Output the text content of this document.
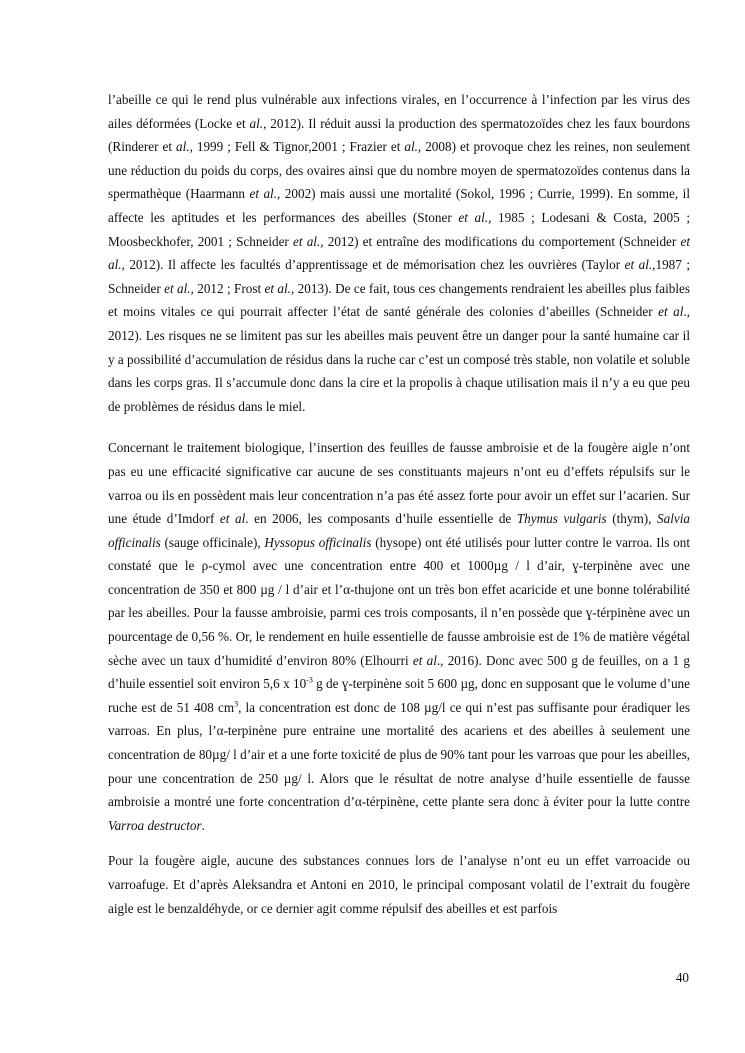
l’abeille ce qui le rend plus vulnérable aux infections virales, en l’occurrence à l’infection par les virus des ailes déformées (Locke et al., 2012). Il réduit aussi la production des spermatozoïdes chez les faux bourdons (Rinderer et al., 1999 ; Fell & Tignor,2001 ; Frazier et al., 2008) et provoque chez les reines, non seulement une réduction du poids du corps, des ovaires ainsi que du nombre moyen de spermatozoïdes contenus dans la spermathèque (Haarmann et al., 2002) mais aussi une mortalité (Sokol, 1996 ; Currie, 1999). En somme, il affecte les aptitudes et les performances des abeilles (Stoner et al., 1985 ; Lodesani & Costa, 2005 ; Moosbeckhofer, 2001 ; Schneider et al., 2012) et entraîne des modifications du comportement (Schneider et al., 2012). Il affecte les facultés d’apprentissage et de mémorisation chez les ouvrières (Taylor et al.,1987 ; Schneider et al., 2012 ; Frost et al., 2013). De ce fait, tous ces changements rendraient les abeilles plus faibles et moins vitales ce qui pourrait affecter l’état de santé générale des colonies d’abeilles (Schneider et al., 2012). Les risques ne se limitent pas sur les abeilles mais peuvent être un danger pour la santé humaine car il y a possibilité d’accumulation de résidus dans la ruche car c’est un composé très stable, non volatile et soluble dans les corps gras. Il s’accumule donc dans la cire et la propolis à chaque utilisation mais il n’y a eu que peu de problèmes de résidus dans le miel.

Concernant le traitement biologique, l’insertion des feuilles de fausse ambroisie et de la fougère aigle n’ont pas eu une efficacité significative car aucune de ses constituants majeurs n’ont eu d’effets répulsifs sur le varroa ou ils en possèdent mais leur concentration n’a pas été assez forte pour avoir un effet sur l’acarien. Sur une étude d’Imdorf et al. en 2006, les composants d’huile essentielle de Thymus vulgaris (thym), Salvia officinalis (sauge officinale), Hyssopus officinalis (hysope) ont été utilisés pour lutter contre le varroa. Ils ont constaté que le ρ-cymol avec une concentration entre 400 et 1000µg / l d’air, ɣ-terpinène avec une concentration de 350 et 800 µg / l d’air et l’α-thujone ont un très bon effet acaricide et une bonne tolérabilité par les abeilles. Pour la fausse ambroisie, parmi ces trois composants, il n’en possède que ɣ-térpinène avec un pourcentage de 0,56 %. Or, le rendement en huile essentielle de fausse ambroisie est de 1% de matière végétal sèche avec un taux d’humidité d’environ 80% (Elhourri et al., 2016). Donc avec 500 g de feuilles, on a 1 g d’huile essentiel soit environ 5,6 x $10^{-3}$ g de ɣ-terpinène soit 5 600 µg, donc en supposant que le volume d’une ruche est de 51 408 $cm^3$, la concentration est donc de 108 µg/l ce qui n’est pas suffisante pour éradiquer les varroas. En plus, l’α-terpinène pure entraine une mortalité des acariens et des abeilles à seulement une concentration de 80µg/ l d’air et a une forte toxicité de plus de 90% tant pour les varroas que pour les abeilles, pour une concentration de 250 µg/ l. Alors que le résultat de notre analyse d’huile essentielle de fausse ambroisie a montré une forte concentration d’α-térpinène, cette plante sera donc à éviter pour la lutte contre Varroa destructor.

Pour la fougère aigle, aucune des substances connues lors de l’analyse n’ont eu un effet varroacide ou varroafuge. Et d’après Aleksandra et Antoni en 2010, le principal composant volatil de l’extrait du fougère aigle est le benzaldéhyde, or ce dernier agit comme répulsif des abeilles et est parfois

40
